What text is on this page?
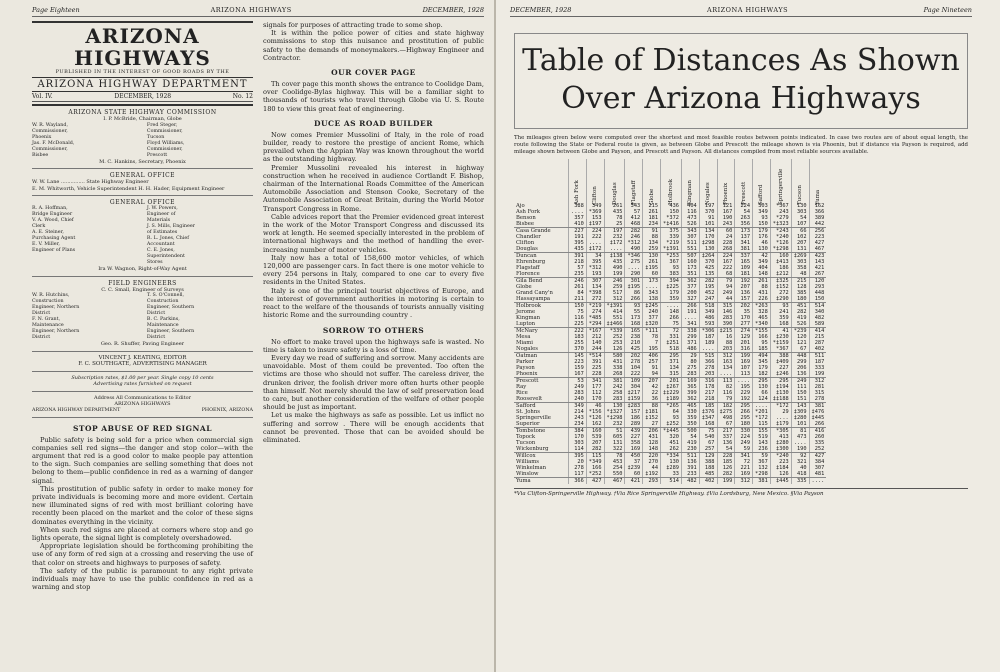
Page Eighteen	ARIZONA HIGHWAYS	DECEMBER, 1928
ARIZONA HIGHWAYS
PUBLISHED IN THE INTEREST OF GOOD ROADS BY THE
ARIZONA HIGHWAY DEPARTMENT
Vol. IV.	DECEMBER, 1928	No. 12
ARIZONA STATE HIGHWAY COMMISSION
I. P. McBride, Chairman, Globe
W. R. Wayland, Commissioner, Phoenix
Jas. F. McDonald, Commissioner, Bisbee
Fred Steger, Commissioner, Tucson
Floyd Williams, Commissioner, Prescott
M. C. Hankins, Secretary, Phoenix
GENERAL OFFICE
W. W. Lane ............... State Highway Engineer
E. M. Whitworth, Vehicle Superintendent H. H. Hader, Equipment Engineer
GENERAL OFFICE
R. A. Hoffman, Bridge Engineer
V. A. Wood, Chief Clerk
A. E. Steiner, Purchasing Agent
E. V. Miller, Engineer of Plans
J. W. Powers, Engineer of Materials
J. S. Mills, Engineer of Estimates
R. L. Jones, Chief Accountant
C. E. Jones, Superintendent Stores
Ira W. Wagnon, Right-of-Way Agent
FIELD ENGINEERS
C. C. Small, Engineer of Surveys
W. R. Hutchins, Construction Engineer, Northern District
F. N. Grant, Maintenance Engineer, Northern District
T. S. O'Connell, Construction Engineer, Southern District
B. C. Parkins, Maintenance Engineer, Southern District
Geo. R. Shuffer, Paving Engineer
VINCENT J. KEATING, EDITOR
F. C. SOUTHGATE, ADVERTISING MANAGER
Subscription rates, $1.00 per year. Single copy 10 cents
Advertising rates furnished on request
Address All Communications to Editor
ARIZONA HIGHWAYS
ARIZONA HIGHWAY DEPARTMENT	PHOENIX, ARIZONA
STOP ABUSE OF RED SIGNAL

Public safety is being sold for a price when commercial sign companies sell red signs—the danger and stop color—with the argument that red is a good color to make people pay attention to the sign. Such companies are selling something that does not belong to them—public confidence in red as a warning of danger signal.

This prostitution of public safety in order to make money for private individuals is becoming more and more evident. Certain new illuminated signs of red with most brilliant coloring have recently been placed on the market and the color of these signs dominates everything in the vicinity.

When such red signs are placed at corners where stop and go lights operate, the signal light is completely overshadowed.

Appropriate legislation should be forthcoming prohibiting the use of any form of red sign at a crossing and reserving the use of that color on streets and highways to purposes of safety.

The safety of the public is paramount to any right private individuals may have to use the public confidence in red as a warning and stop

signals for purposes of attracting trade to some shop.

It is within the police power of cities and state highway commissions to stop this nuisance and prostitution of public safety to the demands of moneymakers.—Highway Engineer and Contractor.

OUR COVER PAGE

Th cover page this month shows the entrance to Coolidge Dam, over Coolidge-Bylas highway. This will be a familiar sight to thousands of tourists who travel through Globe via U. S. Route 180 to view this great feat of engineering.

DUCE AS ROAD BUILDER

Now comes Premier Mussolini of Italy, in the role of road builder, ready to restore the prestige of ancient Rome, which prevailed when the Appian Way was known throughout the world as the outstanding highway.

Premier Mussolini revealed his interest in highway construction when he received in audience Cortlandt F. Bishop, chairman of the International Roads Committee of the American Automobile Association and Stenson Cooke, Secretary of the Automobile Association of Great Britain, during the World Motor Transport Congress in Rome.

Cable advices report that the Premier evidenced great interest in the work of the Motor Transport Congress and discussed its work at length. He seemed specially interested in the problem of international highways and the method of handling the ever-increasing number of motor vehicles.

Italy now has a total of 158,600 motor vehicles, of which 120,000 are passenger cars. In fact there is one motor vehicle to every 254 persons in Italy, compared to one car to every five residents in the United States.

Italy is one of the principal tourist objectives of Europe, and the interest of government authorities in motoring is certain to react to the welfare of the thousands of tourists annually visiting historic Rome and the surrounding country .

SORROW TO OTHERS

No effort to make travel upon the highways safe is wasted. No time is taken to insure safety is a loss of time.

Every day we read of suffering and sorrow. Many accidents are unavoidable. Most of them could be prevented. Too often the victims are those who should not suffer. The careless driver, the drunken driver, the foolish driver more often hurts other people than himself. Not merely should the law of self preservation lead to care, but another consideration of the welfare of other people should be just as important.

Let us make the highways as safe as possible. Let us inflict no suffering and sorrow . There will be enough accidents that cannot be prevented. Those that can be avoided should be eliminated.

DECEMBER, 1928	ARIZONA HIGHWAYS	Page Nineteen
Table of Distances As Shown
Over Arizona Highways
The mileages given below were computed over the shortest and most feasible routes between points indicated. In case two routes are of about equal length, the route following the State or Federal route is given, as between Globe and Prescott the mileage shown is via Phoenix, but if distance via Payson is required, add mileage shown between Globe and Payson, and Prescott and Payson. All distances compiled from most reliable sources available.
	Ash Fork	Clifton	Douglas	Flagstaff	Globe	Holbrook	Kingman	Nogales	Phoenix	Prescott	Safford	Springerville	Tucson	Yuma
Ajo	388	349	261	343	215	436	404	197	121	224	303	*367	130	162
Ash Fork	....	*369	435	57	261	150	116	370	167	54	349	243	303	366
Benson	357	153	78	412	181	*372	473	91	190	263	93	*279	54	389
Bisbee	410	‡197	25	468	234	*‡416	526	101	243	356	150	*‡323	107	442
Casa Grande	227	224	197	282	91	375	343	134	60	173	179	*243	66	256
Chandler	191	222	232	246	88	339	307	170	24	137	176	*240	102	223
Clifton	395	....	‡172	*312	134	*219	511	‡298	228	341	46	*126	207	427
Douglas	435	‡172	....	490	259	*‡391	551	130	268	381	130	*‡298	131	467
Duncan	391	34	‡138	*346	130	*253	507	‡264	224	337	42	160	‡269	423
Ehrenburg	218	395	435	275	261	367	160	370	167	165	349	‡413	303	143
Flagstaff	57	*312	490	....	‡195	93	173	425	222	109	404	186	358	421
Florence	235	193	199	290	60	383	351	135	68	181	148	‡212	48	267
Gila Bend	246	307	246	301	173	394	362	282	79	192	261	‡325	215	120
Globe	261	134	259	‡195	....	‡225	377	195	94	207	88	‡152	128	293
Grand Cany'n	84	*398	517	86	343	179	200	452	249	136	431	272	385	448
Hassayampa	211	272	312	266	138	359	327	247	44	157	226	‡290	180	150
Holbrook	150	*219	*‡391	93	‡245	....	266	518	315	202	*263	93	451	514
Jerome	75	274	414	55	240	148	191	349	146	35	328	241	282	340
Kingman	116	*485	551	173	377	266	....	486	283	170	465	359	419	482
Lupton	225	*294	‡‡466	168	‡320	75	341	593	390	277	*340	168	526	589
McNary	222	*167	*339	165	*111	72	338	*306	‡215	274	*155	41	*239	414
Mesa	183	212	252	238	78	331	299	187	16	129	166	‡230	120	215
Miami	255	140	253	210	7	‡251	371	189	88	201	95	*‡159	121	287
Nogales	370	244	126	425	195	518	486	....	203	316	185	*367	67	402
Oatman	145	*514	580	202	406	295	29	515	312	199	494	388	448	511
Parker	223	391	431	278	257	371	80	366	163	169	345	‡409	299	187
Payson	159	225	338	104	91	134	275	278	134	107	179	227	206	333
Phoenix	167	228	268	222	94	315	283	203	....	113	182	‡246	136	199
Prescott	53	341	381	109	207	201	169	316	113	....	295	295	249	312
Ray	249	177	242	304	42	‡267	365	178	82	195	130	‡194	111	281
Rice	283	112	258	‡217	22	‡‡229	399	217	116	229	66	‡130	150	315
Roosevelt	240	170	283	‡159	36	‡189	362	218	79	192	124	‡‡188	151	278
Safford	349	46	130	‡283	88	*265	465	185	182	295	....	*172	143	381
St. Johns	214	*156	*‡327	157	‡181	64	330	‡376	‡275	266	*201	29	‡309	‡476
Springerville	243	*126	*‡298	186	‡152	93	359	‡347	498	295	*172	....	‡280	‡445
Superior	234	162	232	289	27	‡252	350	168	67	180	115	‡179	101	266
Tombstone	384	160	51	439	206	*‡445	500	75	217	330	155	*305	81	416
Topock	170	539	605	227	431	320	54	540	337	224	519	413	473	260
Tucson	303	207	131	358	128	451	419	67	136	249	143	‡280	....	335
Wickenburg	114	282	322	169	148	262	230	257	54	59	236	‡300	190	252
Willcox	395	115	78	450	220	*334	511	129	228	341	59	*240	92	427
Williams	20	*349	453	37	270	130	136	388	185	72	367	223	321	384
Winkelman	278	166	254	‡239	44	‡289	391	188	126	221	132	‡184	40	307
Winslow	117	*252	550	60	‡192	33	233	485	282	169	*298	126	418	481
Yuma	366	427	467	421	293	514	482	402	199	312	381	‡445	335	....
*Via Clifton-Springerville Highway. †Via Rice Springerville Highway. ‡Via Lordsburg, New Mexico. §Via Payson
